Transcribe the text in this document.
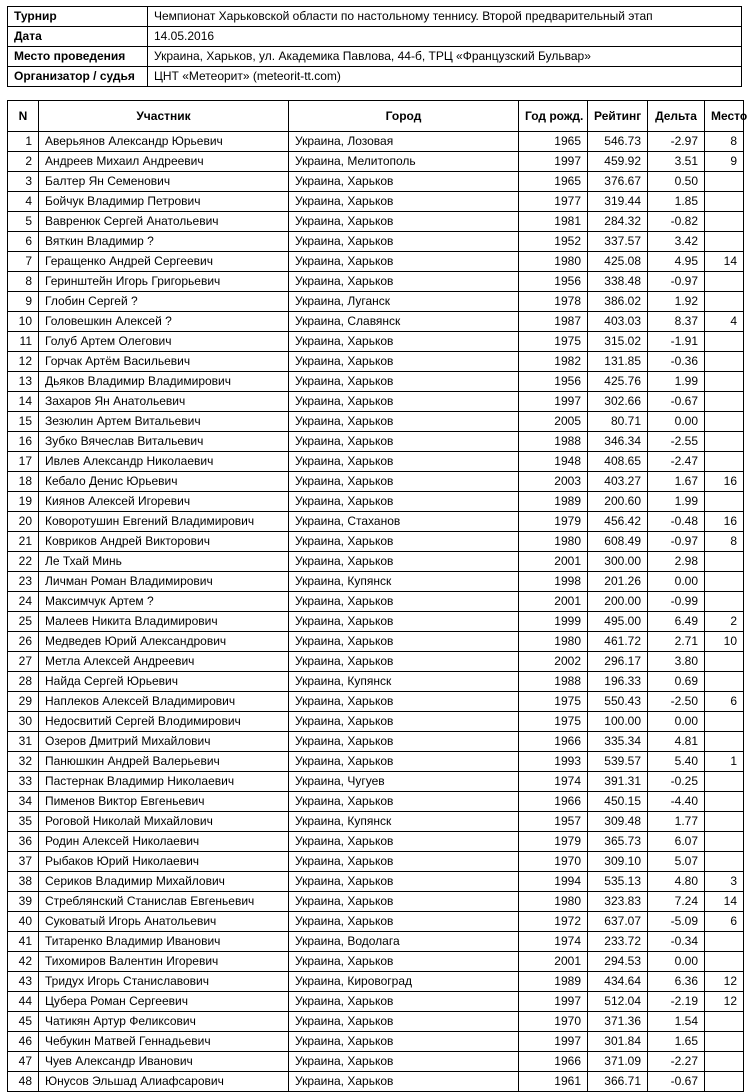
Турнир	Чемпионат Харьковской области по настольному теннису. Второй предварительный этап
Дата	14.05.2016
Место проведения	Украина, Харьков, ул. Академика Павлова, 44-б, ТРЦ «Французский Бульвар»
Организатор / судья	ЦНТ «Метеорит» (meteorit-tt.com)
N	Участник	Город	Год рожд.	Рейтинг	Дельта	Место
1	Аверьянов Александр Юрьевич	Украина, Лозовая	1965	546.73	-2.97	8
2	Андреев Михаил Андреевич	Украина, Мелитополь	1997	459.92	3.51	9
3	Балтер Ян Семенович	Украина, Харьков	1965	376.67	0.50	
4	Бойчук Владимир Петрович	Украина, Харьков	1977	319.44	1.85	
5	Вавренюк Сергей Анатольевич	Украина, Харьков	1981	284.32	-0.82	
6	Вяткин Владимир ?	Украина, Харьков	1952	337.57	3.42	
7	Геращенко Андрей Сергеевич	Украина, Харьков	1980	425.08	4.95	14
8	Геринштейн Игорь Григорьевич	Украина, Харьков	1956	338.48	-0.97	
9	Глобин Сергей ?	Украина, Луганск	1978	386.02	1.92	
10	Головешкин Алексей ?	Украина, Славянск	1987	403.03	8.37	4
11	Голуб Артем Олегович	Украина, Харьков	1975	315.02	-1.91	
12	Горчак Артём Васильевич	Украина, Харьков	1982	131.85	-0.36	
13	Дьяков Владимир Владимирович	Украина, Харьков	1956	425.76	1.99	
14	Захаров Ян Анатольевич	Украина, Харьков	1997	302.66	-0.67	
15	Зезюлин Артем Витальевич	Украина, Харьков	2005	80.71	0.00	
16	Зубко Вячеслав Витальевич	Украина, Харьков	1988	346.34	-2.55	
17	Ивлев Александр Николаевич	Украина, Харьков	1948	408.65	-2.47	
18	Кебало Денис Юрьевич	Украина, Харьков	2003	403.27	1.67	16
19	Киянов Алексей Игоревич	Украина, Харьков	1989	200.60	1.99	
20	Коворотушин Евгений Владимирович	Украина, Стаханов	1979	456.42	-0.48	16
21	Ковриков Андрей Викторович	Украина, Харьков	1980	608.49	-0.97	8
22	Ле Тхай Минь	Украина, Харьков	2001	300.00	2.98	
23	Личман Роман Владимирович	Украина, Купянск	1998	201.26	0.00	
24	Максимчук Артем ?	Украина, Харьков	2001	200.00	-0.99	
25	Малеев Никита Владимирович	Украина, Харьков	1999	495.00	6.49	2
26	Медведев Юрий Александрович	Украина, Харьков	1980	461.72	2.71	10
27	Метла Алексей Андреевич	Украина, Харьков	2002	296.17	3.80	
28	Найда Сергей Юрьевич	Украина, Купянск	1988	196.33	0.69	
29	Наплеков Алексей Владимирович	Украина, Харьков	1975	550.43	-2.50	6
30	Недосвитий Сергей Влодимирович	Украина, Харьков	1975	100.00	0.00	
31	Озеров Дмитрий Михайлович	Украина, Харьков	1966	335.34	4.81	
32	Панюшкин Андрей Валерьевич	Украина, Харьков	1993	539.57	5.40	1
33	Пастернак Владимир Николаевич	Украина, Чугуев	1974	391.31	-0.25	
34	Пименов Виктор Евгеньевич	Украина, Харьков	1966	450.15	-4.40	
35	Роговой Николай Михайлович	Украина, Купянск	1957	309.48	1.77	
36	Родин Алексей Николаевич	Украина, Харьков	1979	365.73	6.07	
37	Рыбаков Юрий Николаевич	Украина, Харьков	1970	309.10	5.07	
38	Сериков Владимир Михайлович	Украина, Харьков	1994	535.13	4.80	3
39	Стреблянский Станислав Евгеньевич	Украина, Харьков	1980	323.83	7.24	14
40	Суковатый Игорь Анатольевич	Украина, Харьков	1972	637.07	-5.09	6
41	Титаренко Владимир Иванович	Украина, Водолага	1974	233.72	-0.34	
42	Тихомиров Валентин Игоревич	Украина, Харьков	2001	294.53	0.00	
43	Тридух Игорь Станиславович	Украина, Кировоград	1989	434.64	6.36	12
44	Цубера Роман Сергеевич	Украина, Харьков	1997	512.04	-2.19	12
45	Чатикян Артур Феликсович	Украина, Харьков	1970	371.36	1.54	
46	Чебукин Матвей Геннадьевич	Украина, Харьков	1997	301.84	1.65	
47	Чуев Александр Иванович	Украина, Харьков	1966	371.09	-2.27	
48	Юнусов Эльшад Алиафсарович	Украина, Харьков	1961	366.71	-0.67	
